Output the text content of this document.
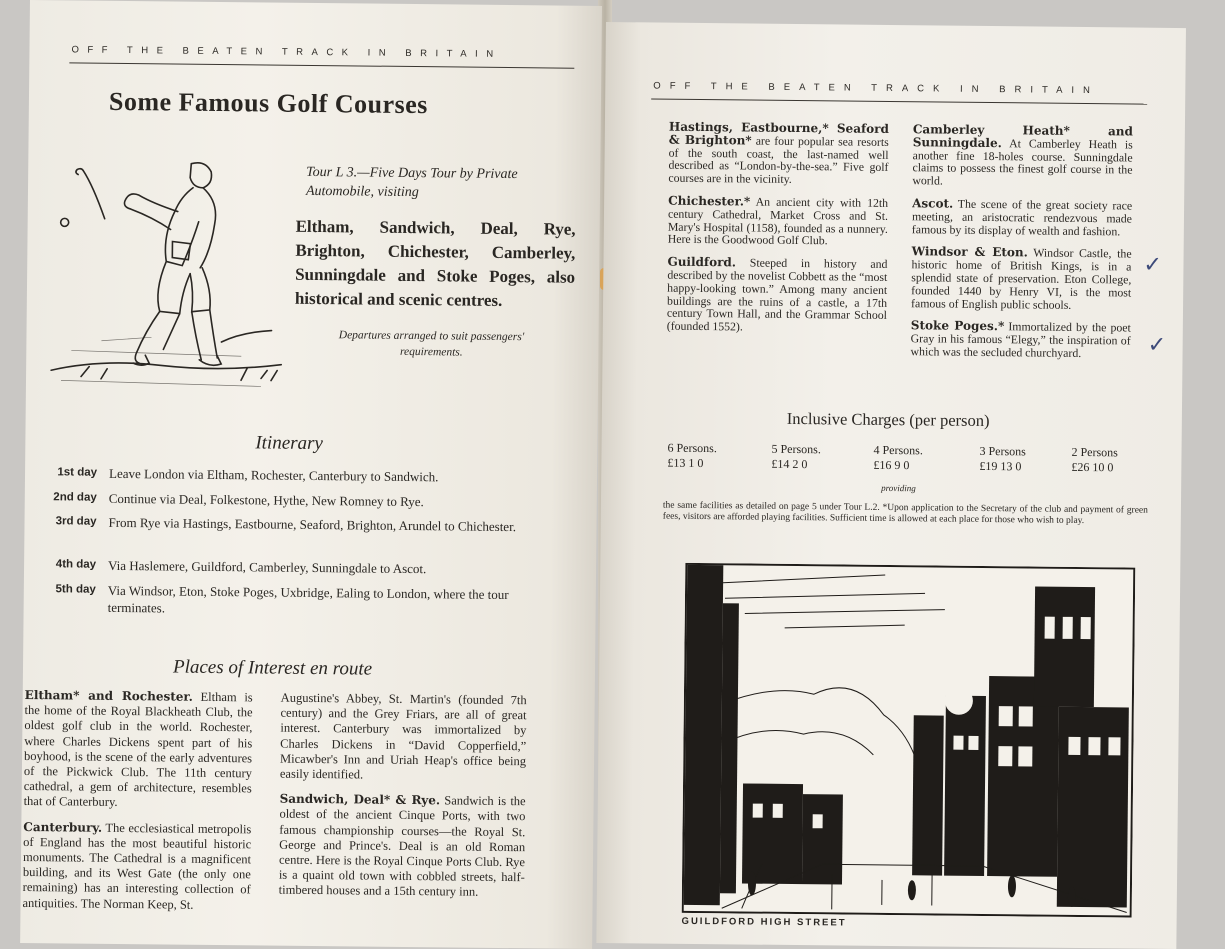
OFF THE BEATEN TRACK IN BRITAIN
Some Famous Golf Courses
Tour L 3.—Five Days Tour by Private Automobile, visiting
Eltham, Sandwich, Deal, Rye, Brighton, Chichester, Camberley, Sunningdale and Stoke Poges, also historical and scenic centres.
Departures arranged to suit passengers' requirements.
Itinerary
1st day Leave London via Eltham, Rochester, Canterbury to Sandwich.
2nd day Continue via Deal, Folkestone, Hythe, New Romney to Rye.
3rd day From Rye via Hastings, Eastbourne, Seaford, Brighton, Arundel to Chichester.
4th day Via Haslemere, Guildford, Camberley, Sunningdale to Ascot.
5th day Via Windsor, Eton, Stoke Poges, Uxbridge, Ealing to London, where the tour terminates.
Places of Interest en route

Eltham* and Rochester. Eltham is the home of the Royal Blackheath Club, the oldest golf club in the world. Rochester, where Charles Dickens spent part of his boyhood, is the scene of the early adventures of the Pickwick Club. The 11th century cathedral, a gem of architecture, resembles that of Canterbury.

Canterbury. The ecclesiastical metropolis of England has the most beautiful historic monuments. The Cathedral is a magnificent building, and its West Gate (the only one remaining) has an interesting collection of antiquities. The Norman Keep, St.

Augustine's Abbey, St. Martin's (founded 7th century) and the Grey Friars, are all of great interest. Canterbury was immortalized by Charles Dickens in “David Copperfield,” Micawber's Inn and Uriah Heap's office being easily identified.

Sandwich, Deal* & Rye. Sandwich is the oldest of the ancient Cinque Ports, with two famous championship courses—the Royal St. George and Prince's. Deal is an old Roman centre. Here is the Royal Cinque Ports Club. Rye is a quaint old town with cobbled streets, half-timbered houses and a 15th century inn.

OFF THE BEATEN TRACK IN BRITAIN

Hastings, Eastbourne,* Seaford & Brighton* are four popular sea resorts of the south coast, the last-named well described as “London-by-the-sea.” Five golf courses are in the vicinity.

Chichester.* An ancient city with 12th century Cathedral, Market Cross and St. Mary's Hospital (1158), founded as a nunnery. Here is the Goodwood Golf Club.

Guildford. Steeped in history and described by the novelist Cobbett as the “most happy-looking town.” Among many ancient buildings are the ruins of a castle, a 17th century Town Hall, and the Grammar School (founded 1552).

Camberley Heath* and Sunningdale. At Camberley Heath is another fine 18-holes course. Sunningdale claims to possess the finest golf course in the world.

Ascot. The scene of the great society race meeting, an aristocratic rendezvous made famous by its display of wealth and fashion.

Windsor & Eton. Windsor Castle, the historic home of British Kings, is in a splendid state of preservation. Eton College, founded 1440 by Henry VI, is the most famous of English public schools.

Stoke Poges.* Immortalized by the poet Gray in his famous “Elegy,” the inspiration of which was the secluded churchyard.

✓
✓
Inclusive Charges (per person)
6 Persons.
£13 1 0
5 Persons.
£14 2 0
4 Persons.
£16 9 0
3 Persons
£19 13 0
2 Persons
£26 10 0
providing
the same facilities as detailed on page 5 under Tour L.2. *Upon application to the Secretary of the club and payment of green fees, visitors are afforded playing facilities. Sufficient time is allowed at each place for those who wish to play.
GUILDFORD HIGH STREET
